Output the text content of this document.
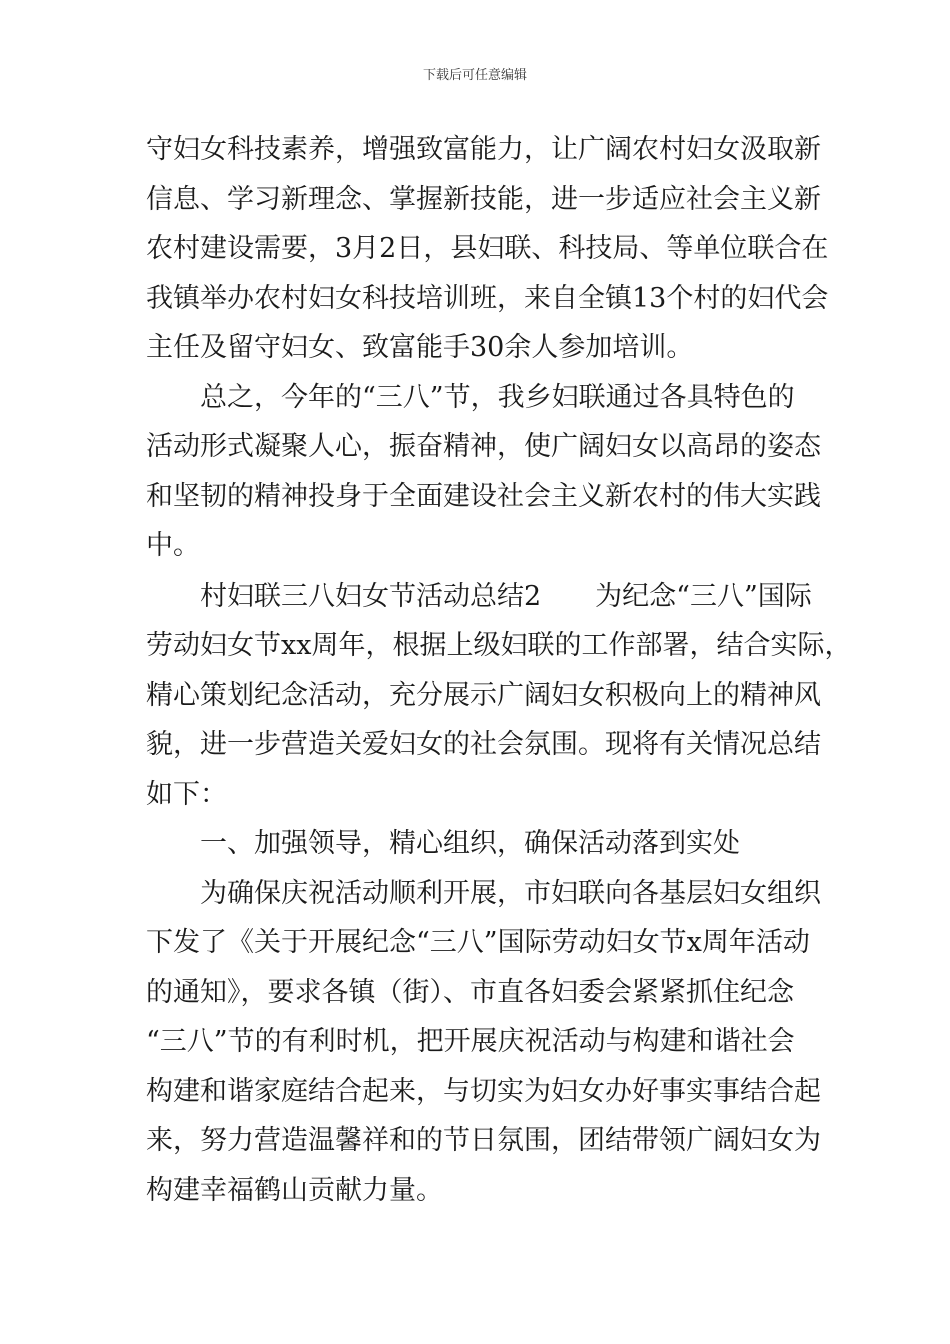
下载后可任意编辑
守妇女科技素养，增强致富能力，让广阔农村妇女汲取新
信息、学习新理念、掌握新技能，进一步适应社会主义新
农村建设需要，3月2日，县妇联、科技局、等单位联合在
我镇举办农村妇女科技培训班，来自全镇13个村的妇代会
主任及留守妇女、致富能手30余人参加培训。
　　总之，今年的“三八”节，我乡妇联通过各具特色的
活动形式凝聚人心，振奋精神，使广阔妇女以高昂的姿态
和坚韧的精神投身于全面建设社会主义新农村的伟大实践
中。
　　村妇联三八妇女节活动总结2　　为纪念“三八”国际
劳动妇女节xx周年，根据上级妇联的工作部署，结合实际，
精心策划纪念活动，充分展示广阔妇女积极向上的精神风
貌，进一步营造关爱妇女的社会氛围。现将有关情况总结
如下：
　　一、加强领导，精心组织，确保活动落到实处
　　为确保庆祝活动顺利开展，市妇联向各基层妇女组织
下发了《关于开展纪念“三八”国际劳动妇女节x周年活动
的通知》，要求各镇（街）、市直各妇委会紧紧抓住纪念
“三八”节的有利时机，把开展庆祝活动与构建和谐社会
构建和谐家庭结合起来，与切实为妇女办好事实事结合起
来，努力营造温馨祥和的节日氛围，团结带领广阔妇女为
构建幸福鹤山贡献力量。
